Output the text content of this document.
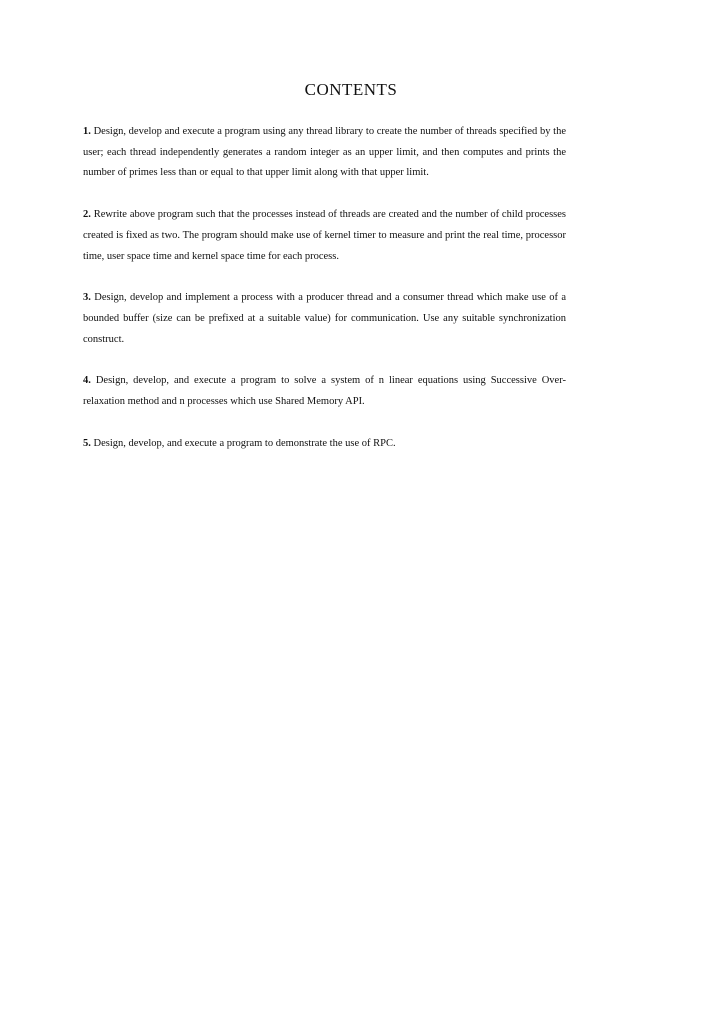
CONTENTS

1. Design, develop and execute a program using any thread library to create the number of threads specified by the user; each thread independently generates a random integer as an upper limit, and then computes and prints the number of primes less than or equal to that upper limit along with that upper limit.

2. Rewrite above program such that the processes instead of threads are created and the number of child processes created is fixed as two. The program should make use of kernel timer to measure and print the real time, processor time, user space time and kernel space time for each process.

3. Design, develop and implement a process with a producer thread and a consumer thread which make use of a bounded buffer (size can be prefixed at a suitable value) for communication. Use any suitable synchronization construct.

4. Design, develop, and execute a program to solve a system of n linear equations using Successive Over-relaxation method and n processes which use Shared Memory API.

5. Design, develop, and execute a program to demonstrate the use of RPC.
